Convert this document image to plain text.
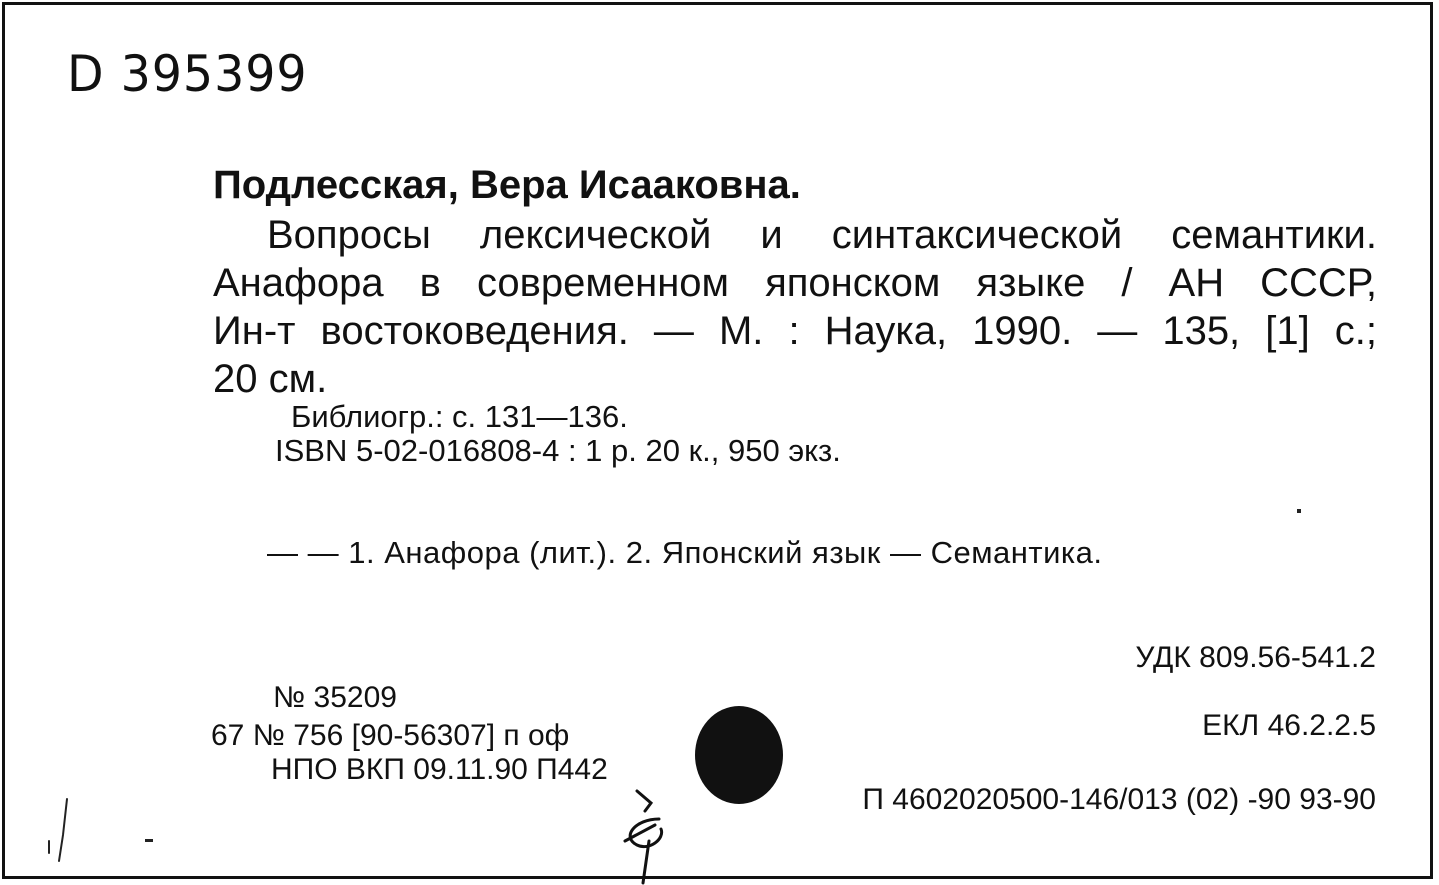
D 395399
Подлесская, Вера Исааковна.
Вопросы лексической и синтаксической семантики.
Анафора в современном японском языке / АН СССР,
Ин-т востоковедения. — М. : Наука, 1990. — 135, [1] с.;
20 см.
Библиогр.: с. 131—136.
ISBN 5-02-016808-4 : 1 р. 20 к., 950 экз.
— — 1. Анафора (лит.). 2. Японский язык — Семантика.
УДК 809.56-541.2
ЕКЛ 46.2.2.5
П 4602020500-146/013 (02) -90 93-90
№ 35209
67 № 756 [90-56307] п оф
НПО ВКП 09.11.90 П442
